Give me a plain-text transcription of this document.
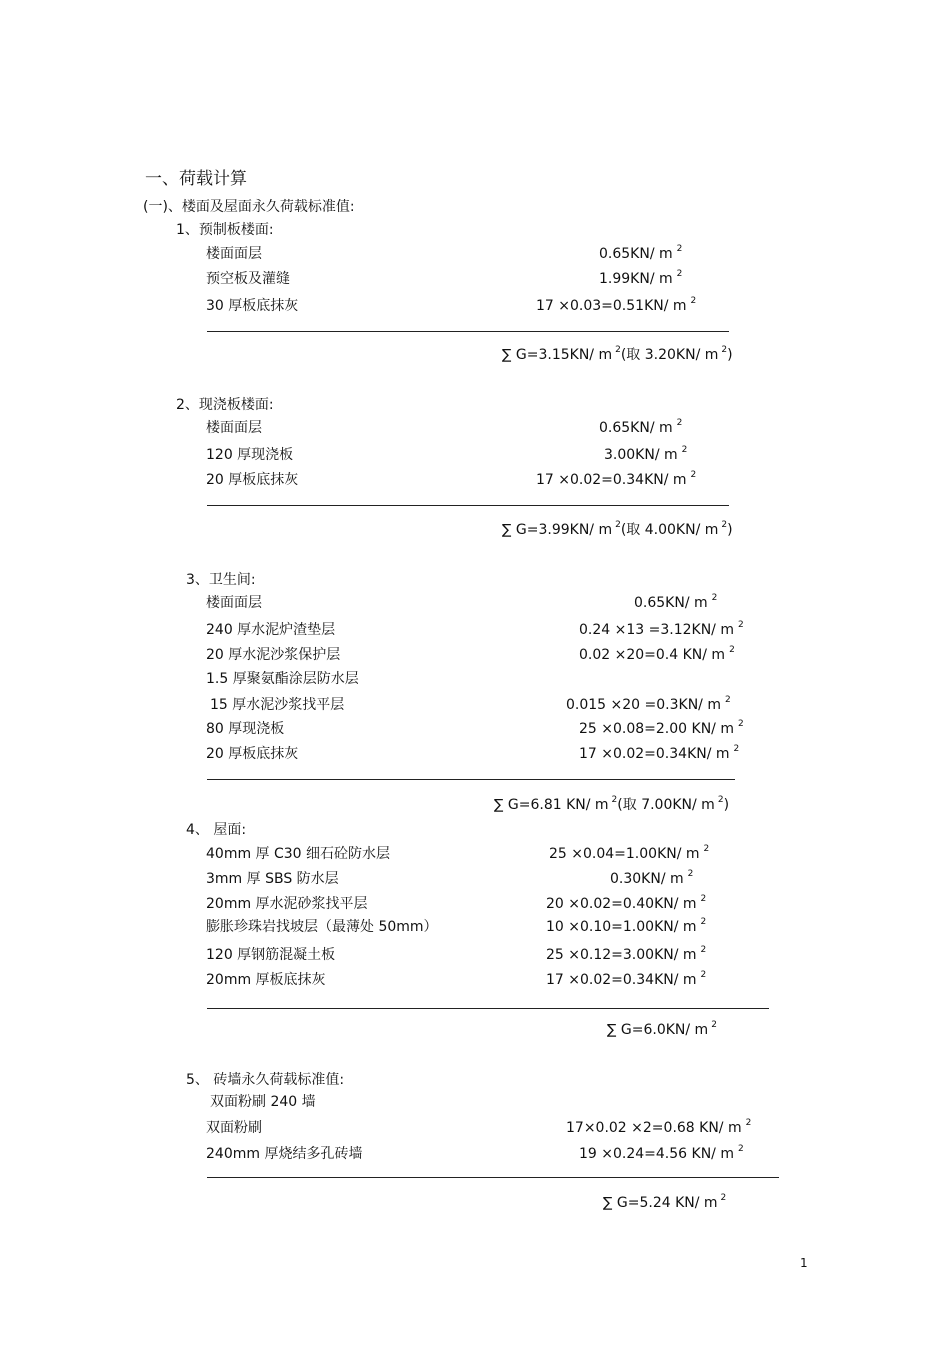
一、荷载计算
(一)、楼面及屋面永久荷载标准值:
1、预制板楼面:
楼面面层	0.65KN/ m $^2$
预空板及灌缝	1.99KN/ m $^2$
30 厚板底抹灰	17 ×0.03=0.51KN/ m $^2$
∑ G=3.15KN/ m $^2$(取 3.20KN/ m $^2$)
2、现浇板楼面:
楼面面层	0.65KN/ m $^2$
120 厚现浇板	3.00KN/ m $^2$
20 厚板底抹灰	17 ×0.02=0.34KN/ m $^2$
∑ G=3.99KN/ m $^2$(取 4.00KN/ m $^2$)
3、卫生间:
楼面面层	0.65KN/ m $^2$
240 厚水泥炉渣垫层	0.24 ×13 =3.12KN/ m $^2$
20 厚水泥沙浆保护层	0.02 ×20=0.4 KN/ m $^2$
1.5 厚聚氨酯涂层防水层
15 厚水泥沙浆找平层	0.015 ×20 =0.3KN/ m $^2$
80 厚现浇板	25 ×0.08=2.00 KN/ m $^2$
20 厚板底抹灰	17 ×0.02=0.34KN/ m $^2$
∑ G=6.81 KN/ m $^2$(取 7.00KN/ m $^2$)
4、 屋面:
40mm 厚 C30 细石砼防水层	25 ×0.04=1.00KN/ m $^2$
3mm 厚 SBS 防水层	0.30KN/ m $^2$
20mm 厚水泥砂浆找平层	20 ×0.02=0.40KN/ m $^2$
膨胀珍珠岩找坡层（最薄处 50mm）	10 ×0.10=1.00KN/ m $^2$
120 厚钢筋混凝土板	25 ×0.12=3.00KN/ m $^2$
20mm 厚板底抹灰	17 ×0.02=0.34KN/ m $^2$
∑ G=6.0KN/ m $^2$
5、 砖墙永久荷载标准值:
双面粉刷 240 墙
双面粉刷	17×0.02 ×2=0.68 KN/ m $^2$
240mm 厚烧结多孔砖墙	19 ×0.24=4.56 KN/ m $^2$
∑ G=5.24 KN/ m $^2$
1
